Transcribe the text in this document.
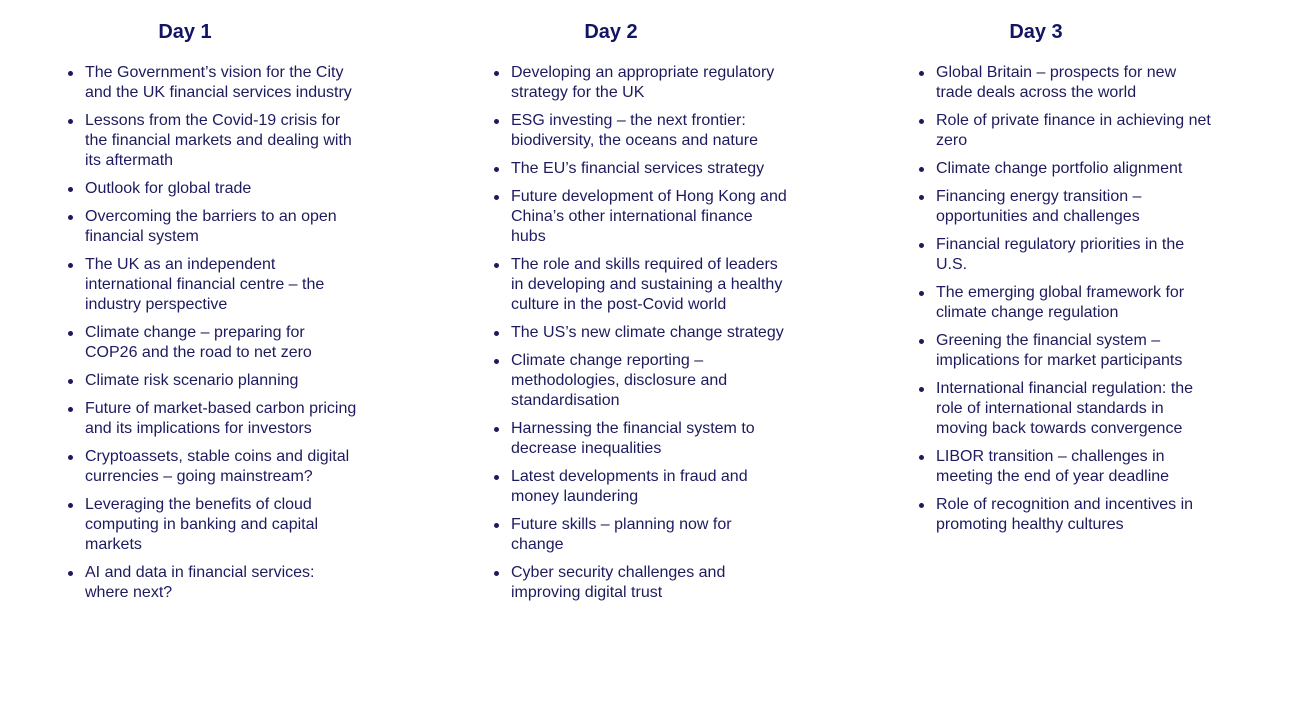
Day 1
The Government’s vision for the City and the UK financial services industry
Lessons from the Covid-19 crisis for the financial markets and dealing with its aftermath
Outlook for global trade
Overcoming the barriers to an open financial system
The UK as an independent international financial centre – the industry perspective
Climate change – preparing for COP26 and the road to net zero
Climate risk scenario planning
Future of market-based carbon pricing and its implications for investors
Cryptoassets, stable coins and digital currencies – going mainstream?
Leveraging the benefits of cloud computing in banking and capital markets
AI and data in financial services: where next?
Day 2
Developing an appropriate regulatory strategy for the UK
ESG investing – the next frontier: biodiversity, the oceans and nature
The EU’s financial services strategy
Future development of Hong Kong and China’s other international finance hubs
The role and skills required of leaders in developing and sustaining a healthy culture in the post-Covid world
The US’s new climate change strategy
Climate change reporting – methodologies, disclosure and standardisation
Harnessing the financial system to decrease inequalities
Latest developments in fraud and money laundering
Future skills – planning now for change
Cyber security challenges and improving digital trust
Day 3
Global Britain – prospects for new trade deals across the world
Role of private finance in achieving net zero
Climate change portfolio alignment
Financing energy transition – opportunities and challenges
Financial regulatory priorities in the U.S.
The emerging global framework for climate change regulation
Greening the financial system – implications for market participants
International financial regulation: the role of international standards in moving back towards convergence
LIBOR transition – challenges in meeting the end of year deadline
Role of recognition and incentives in promoting healthy cultures
